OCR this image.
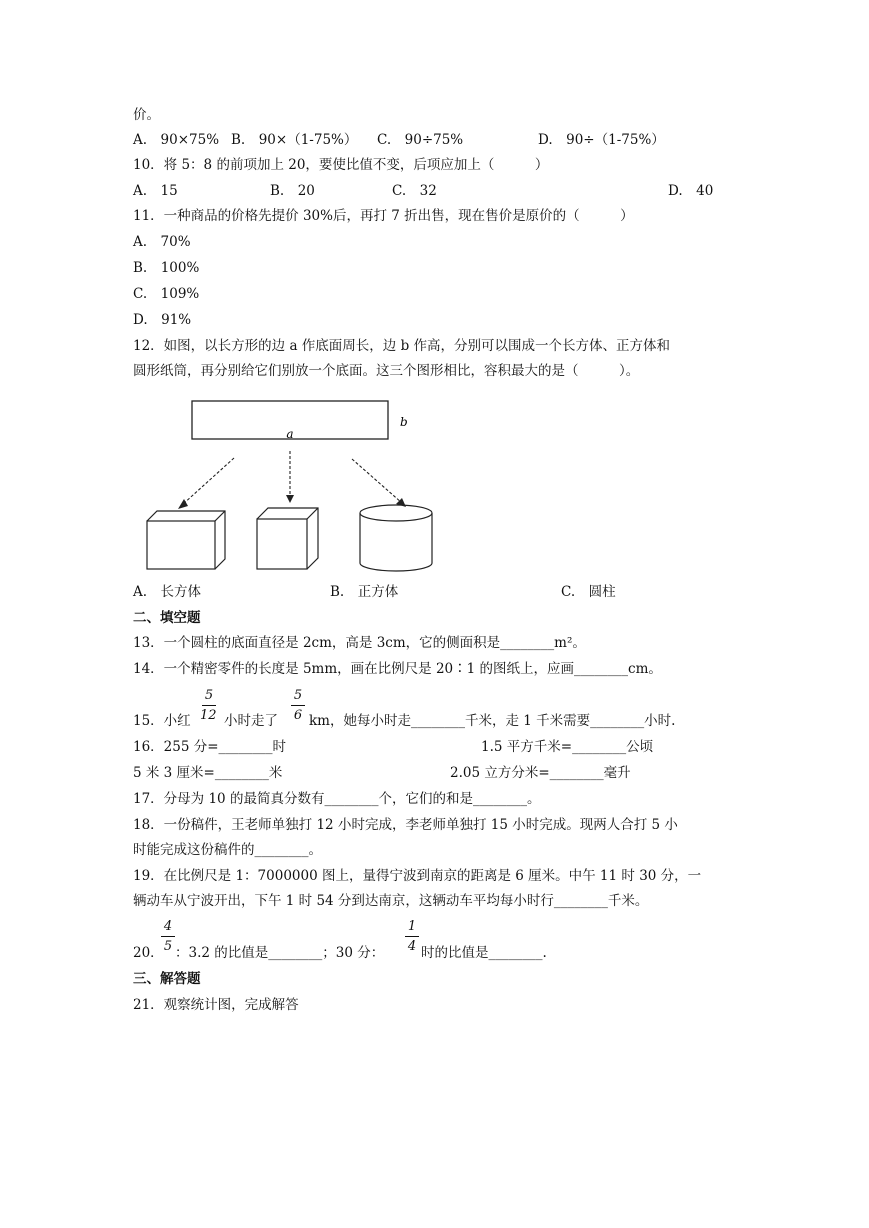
价。
A.　90×75% B.　90×（1-75%） C.　90÷75%	D.　90÷（1-75%）
10．将 5：8 的前项加上 20，要使比值不变，后项应加上（　　　）
A.　15	B.　20	C.　32	D.　40
11．一种商品的价格先提价 30%后，再打 7 折出售，现在售价是原价的（　　　）
A.　70%
B.　100%
C.　109%
D.　91%
12．如图，以长方形的边 a 作底面周长，边 b 作高，分别可以围成一个长方体、正方体和
圆形纸筒，再分别给它们别放一个底面。这三个图形相比，容积最大的是（　　　）。
a
b
A.　长方体	B.　正方体	C.　圆柱
二、填空题
13．一个圆柱的底面直径是 2cm，高是 3cm，它的侧面积是________m²。
14．一个精密零件的长度是 5mm，画在比例尺是 20∶1 的图纸上，应画________cm。
15．小红
5
12 小时走了
5
6 km，她每小时走________千米，走 1 千米需要________小时.
16．255 分=________时	1.5 平方千米=________公顷
5 米 3 厘米=________米	2.05 立方分米=________毫升
17．分母为 10 的最简真分数有________个，它们的和是________。
18．一份稿件，王老师单独打 12 小时完成，李老师单独打 15 小时完成。现两人合打 5 小
时能完成这份稿件的________。
19．在比例尺是 1：7000000 图上，量得宁波到南京的距离是 6 厘米。中午 11 时 30 分，一
辆动车从宁波开出，下午 1 时 54 分到达南京，这辆动车平均每小时行________千米。
20．
4
5 ：3.2 的比值是________；30 分：
1
4 时的比值是________.
三、解答题
21．观察统计图，完成解答
